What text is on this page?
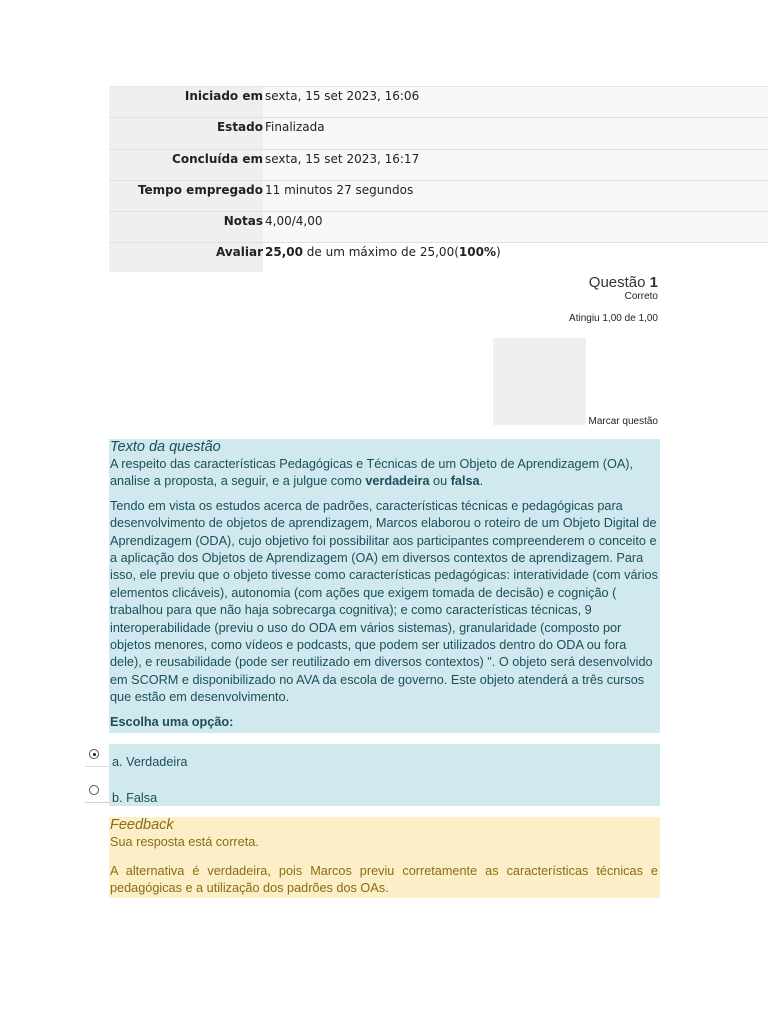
Iniciado em sexta, 15 set 2023, 16:06
Estado Finalizada
Concluída em sexta, 15 set 2023, 16:17
Tempo empregado 11 minutos 27 segundos
Notas 4,00/4,00
Avaliar 25,00 de um máximo de 25,00(100%)
Questão 1
Correto
Atingiu 1,00 de 1,00
Marcar questão
Texto da questão

A respeito das características Pedagógicas e Técnicas de um Objeto de Aprendizagem (OA), analise a proposta, a seguir, e a julgue como verdadeira ou falsa.

Tendo em vista os estudos acerca de padrões, características técnicas e pedagógicas para desenvolvimento de objetos de aprendizagem, Marcos elaborou o roteiro de um Objeto Digital de Aprendizagem (ODA), cujo objetivo foi possibilitar aos participantes compreenderem o conceito e a aplicação dos Objetos de Aprendizagem (OA) em diversos contextos de aprendizagem. Para isso, ele previu que o objeto tivesse como características pedagógicas: interatividade (com vários elementos clicáveis), autonomia (com ações que exigem tomada de decisão) e cognição ( trabalhou para que não haja sobrecarga cognitiva); e como características técnicas, 9 interoperabilidade (previu o uso do ODA em vários sistemas), granularidade (composto por objetos menores, como vídeos e podcasts, que podem ser utilizados dentro do ODA ou fora dele), e reusabilidade (pode ser reutilizado em diversos contextos) ". O objeto será desenvolvido em SCORM e disponibilizado no AVA da escola de governo. Este objeto atenderá a três cursos que estão em desenvolvimento.

Escolha uma opção:
a. Verdadeira
b. Falsa
Feedback

Sua resposta está correta.

A alternativa é verdadeira, pois Marcos previu corretamente as características técnicas e pedagógicas e a utilização dos padrões dos OAs.
